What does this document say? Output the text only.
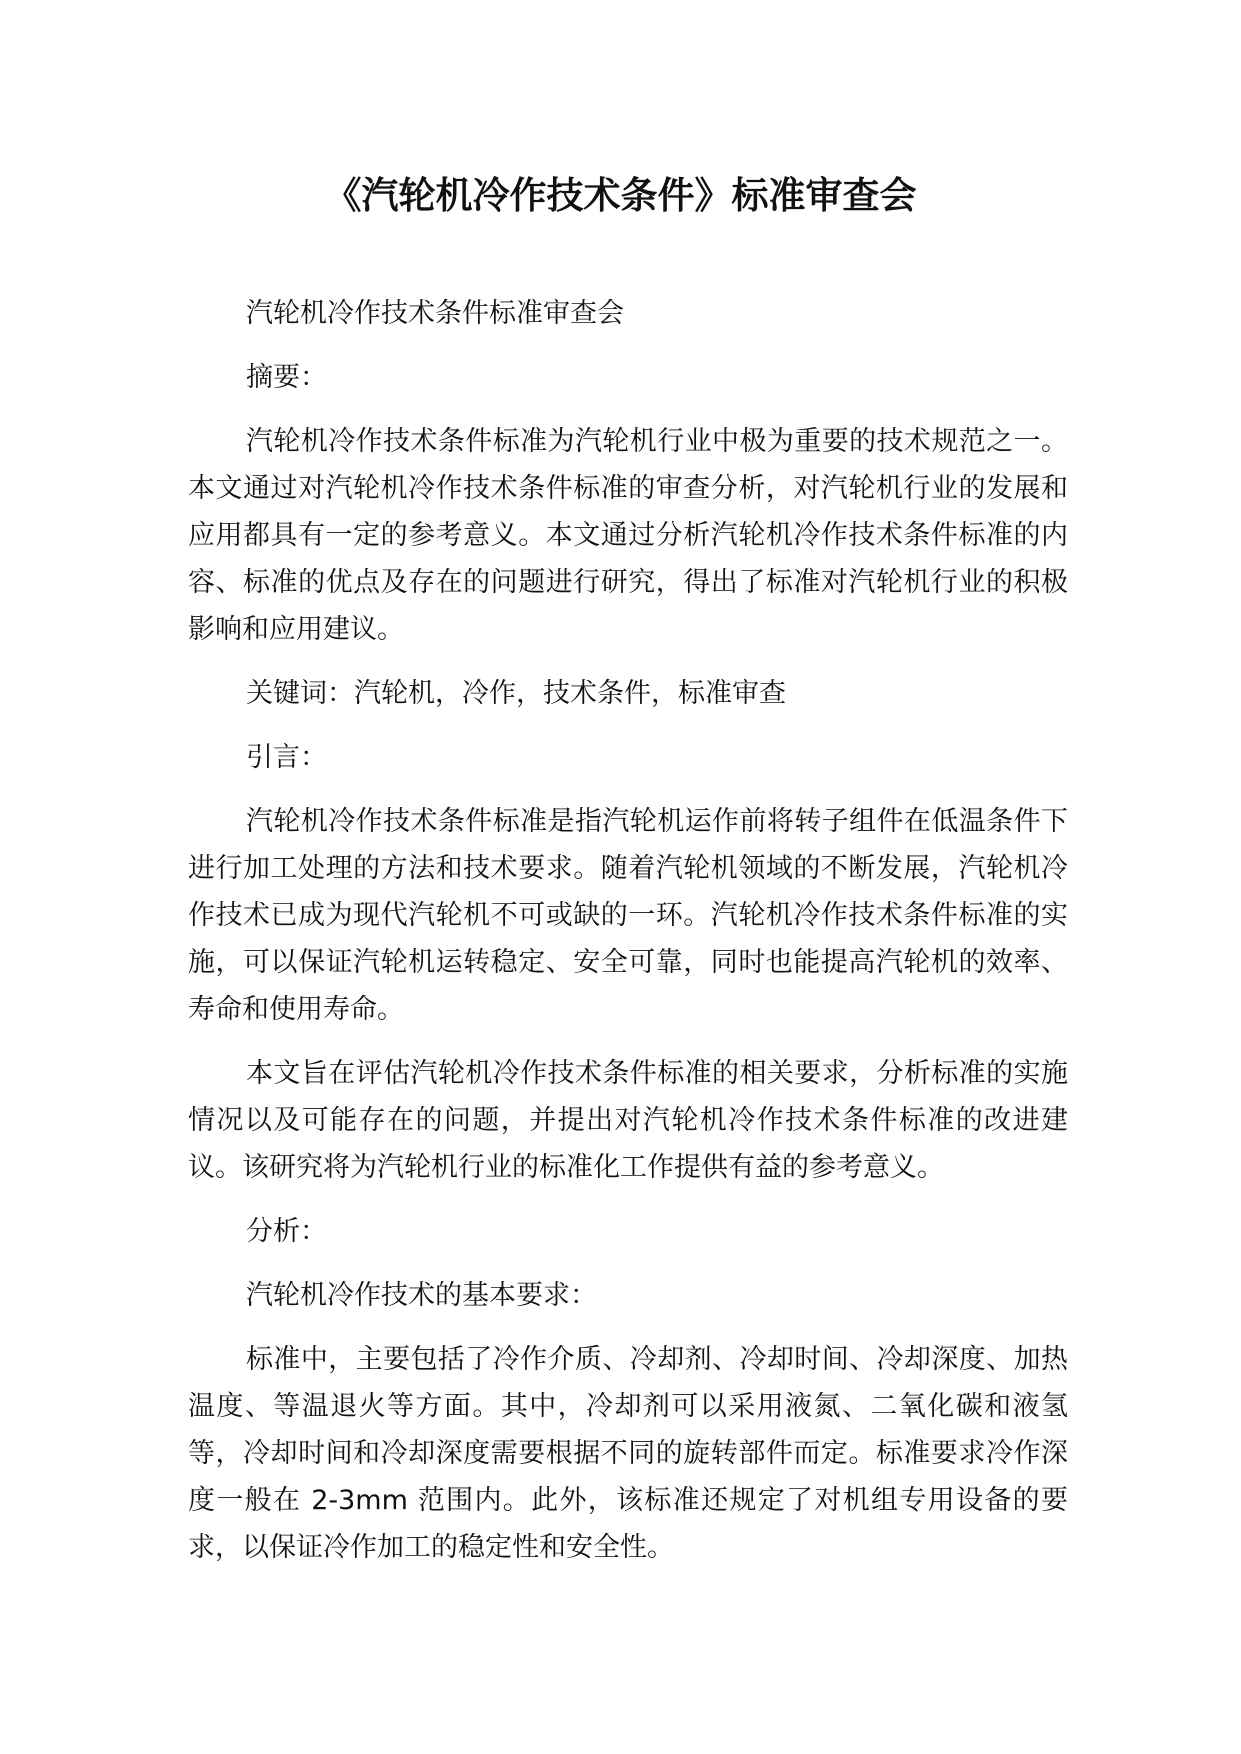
《汽轮机冷作技术条件》标准审查会

汽轮机冷作技术条件标准审查会

摘要：

汽轮机冷作技术条件标准为汽轮机行业中极为重要的技术规范之一。本文通过对汽轮机冷作技术条件标准的审查分析，对汽轮机行业的发展和应用都具有一定的参考意义。本文通过分析汽轮机冷作技术条件标准的内容、标准的优点及存在的问题进行研究，得出了标准对汽轮机行业的积极影响和应用建议。

关键词：汽轮机，冷作，技术条件，标准审查

引言：

汽轮机冷作技术条件标准是指汽轮机运作前将转子组件在低温条件下进行加工处理的方法和技术要求。随着汽轮机领域的不断发展，汽轮机冷作技术已成为现代汽轮机不可或缺的一环。汽轮机冷作技术条件标准的实施，可以保证汽轮机运转稳定、安全可靠，同时也能提高汽轮机的效率、寿命和使用寿命。

本文旨在评估汽轮机冷作技术条件标准的相关要求，分析标准的实施情况以及可能存在的问题，并提出对汽轮机冷作技术条件标准的改进建议。该研究将为汽轮机行业的标准化工作提供有益的参考意义。

分析：

汽轮机冷作技术的基本要求：

标准中，主要包括了冷作介质、冷却剂、冷却时间、冷却深度、加热温度、等温退火等方面。其中，冷却剂可以采用液氮、二氧化碳和液氢等，冷却时间和冷却深度需要根据不同的旋转部件而定。标准要求冷作深度一般在 2-3mm 范围内。此外，该标准还规定了对机组专用设备的要求，以保证冷作加工的稳定性和安全性。
